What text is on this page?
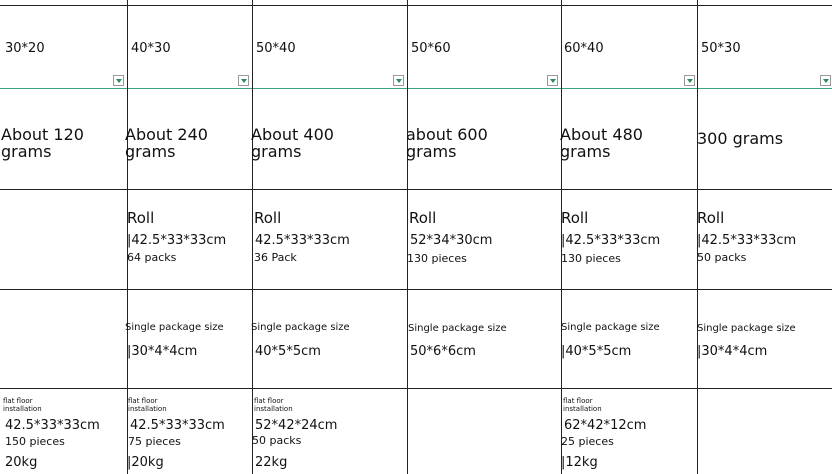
30*20
About 120
grams
flat floor
installation
42.5*33*33cm
150 pieces
20kg
40*30
About 240
grams
Roll
|42.5*33*33cm
64 packs
Single package size
|30*4*4cm
flat floor
installation
42.5*33*33cm
75 pieces
|20kg
50*40
About 400
grams
Roll
42.5*33*33cm
36 Pack
Single package size
40*5*5cm
flat floor
installation
52*42*24cm
50 packs
22kg
50*60
about 600
grams
Roll
52*34*30cm
130 pieces
Single package size
50*6*6cm
60*40
About 480
grams
Roll
|42.5*33*33cm
130 pieces
Single package size
|40*5*5cm
flat floor
installation
62*42*12cm
25 pieces
|12kg
50*30
300 grams
Roll
|42.5*33*33cm
50 packs
Single package size
|30*4*4cm
